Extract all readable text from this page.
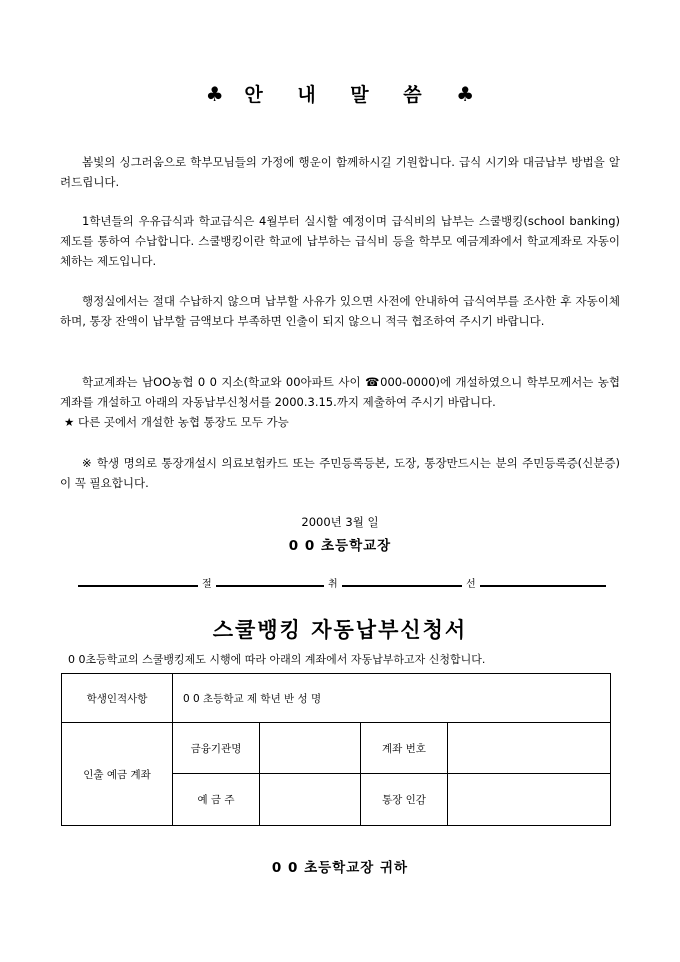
♣ 안 내 말 씀 ♣
봄빛의 싱그러움으로 학부모님들의 가정에 행운이 함께하시길 기원합니다. 급식 시기와 대금납부 방법을 알려드립니다.
1학년들의 우유급식과 학교급식은 4월부터 실시할 예정이며 급식비의 납부는 스쿨뱅킹(school banking)제도를 통하여 수납합니다. 스쿨뱅킹이란 학교에 납부하는 급식비 등을 학부모 예금계좌에서 학교계좌로 자동이체하는 제도입니다.
행정실에서는 절대 수납하지 않으며 납부할 사유가 있으면 사전에 안내하여 급식여부를 조사한 후 자동이체 하며, 통장 잔액이 납부할 금액보다 부족하면 인출이 되지 않으니 적극 협조하여 주시기 바랍니다.
학교계좌는 남OO농협 0 0 지소(학교와 00아파트 사이 ☎000-0000)에 개설하였으니 학부모께서는 농협계좌를 개설하고 아래의 자동납부신청서를 2000.3.15.까지 제출하여 주시기 바랍니다.
★ 다른 곳에서 개설한 농협 통장도 모두 가능
※ 학생 명의로 통장개설시 의료보험카드 또는 주민등록등본, 도장, 통장만드시는 분의 주민등록증(신분증)이 꼭 필요합니다.
2000년 3월 일
0 0 초등학교장
절	취	선
스쿨뱅킹 자동납부신청서
0 0초등학교의 스쿨뱅킹제도 시행에 따라 아래의 계좌에서 자동납부하고자 신청합니다.
학생인적사항	0 0 초등학교 제 학년 반 성 명			
인출 예금 계좌	금융기관명		계좌 번호	
	예 금 주		통장 인감	
0 0 초등학교장 귀하
